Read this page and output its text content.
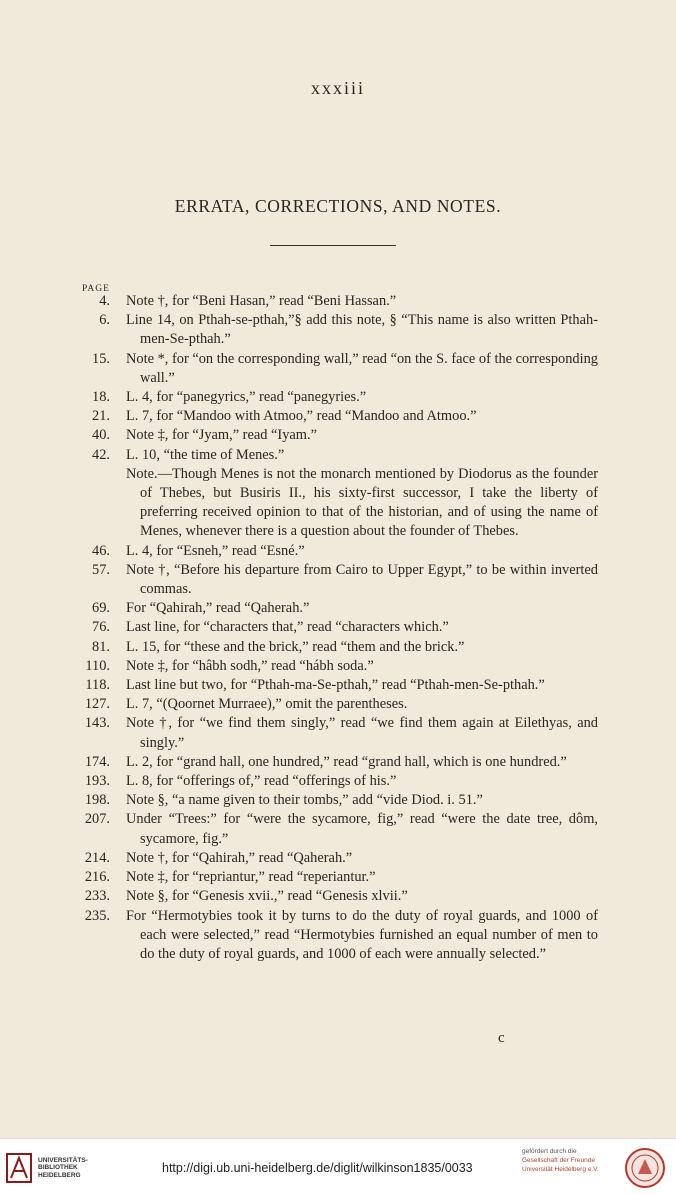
xxxiii
ERRATA, CORRECTIONS, AND NOTES.
PAGE
4. Note †, for “Beni Hasan,” read “Beni Hassan.”
6. Line 14, on Pthah-se-pthah,”§ add this note, § “This name is also written Pthah-men-Se-pthah.”
15. Note *, for “on the corresponding wall,” read “on the S. face of the corresponding wall.”
18. L. 4, for “panegyrics,” read “panegyries.”
21. L. 7, for “Mandoo with Atmoo,” read “Mandoo and Atmoo.”
40. Note ‡, for “Jyam,” read “Iyam.”
42. L. 10, “the time of Menes.”
Note.—Though Menes is not the monarch mentioned by Diodorus as the founder of Thebes, but Busiris II., his sixty-first successor, I take the liberty of preferring received opinion to that of the historian, and of using the name of Menes, whenever there is a question about the founder of Thebes.
46. L. 4, for “Esneh,” read “Esné.”
57. Note †, “Before his departure from Cairo to Upper Egypt,” to be within inverted commas.
69. For “Qahirah,” read “Qaherah.”
76. Last line, for “characters that,” read “characters which.”
81. L. 15, for “these and the brick,” read “them and the brick.”
110. Note ‡, for “hâbh sodh,” read “hábh soda.”
118. Last line but two, for “Pthah-ma-Se-pthah,” read “Pthah-men-Se-pthah.”
127. L. 7, “(Qoornet Murraee),” omit the parentheses.
143. Note †, for “we find them singly,” read “we find them again at Eilethyas, and singly.”
174. L. 2, for “grand hall, one hundred,” read “grand hall, which is one hundred.”
193. L. 8, for “offerings of,” read “offerings of his.”
198. Note §, “a name given to their tombs,” add “vide Diod. i. 51.”
207. Under “Trees:” for “were the sycamore, fig,” read “were the date tree, dôm, sycamore, fig.”
214. Note †, for “Qahirah,” read “Qaherah.”
216. Note ‡, for “repriantur,” read “reperiantur.”
233. Note §, for “Genesis xvii.,” read “Genesis xlvii.”
235. For “Hermotybies took it by turns to do the duty of royal guards, and 1000 of each were selected,” read “Hermotybies furnished an equal number of men to do the duty of royal guards, and 1000 of each were annually selected.”
c
UNIVERSITÄTS-
BIBLIOTHEK
HEIDELBERG
http://digi.ub.uni-heidelberg.de/diglit/wilkinson1835/0033
gefördert durch die
Gesellschaft der Freunde
Universität Heidelberg e.V.
